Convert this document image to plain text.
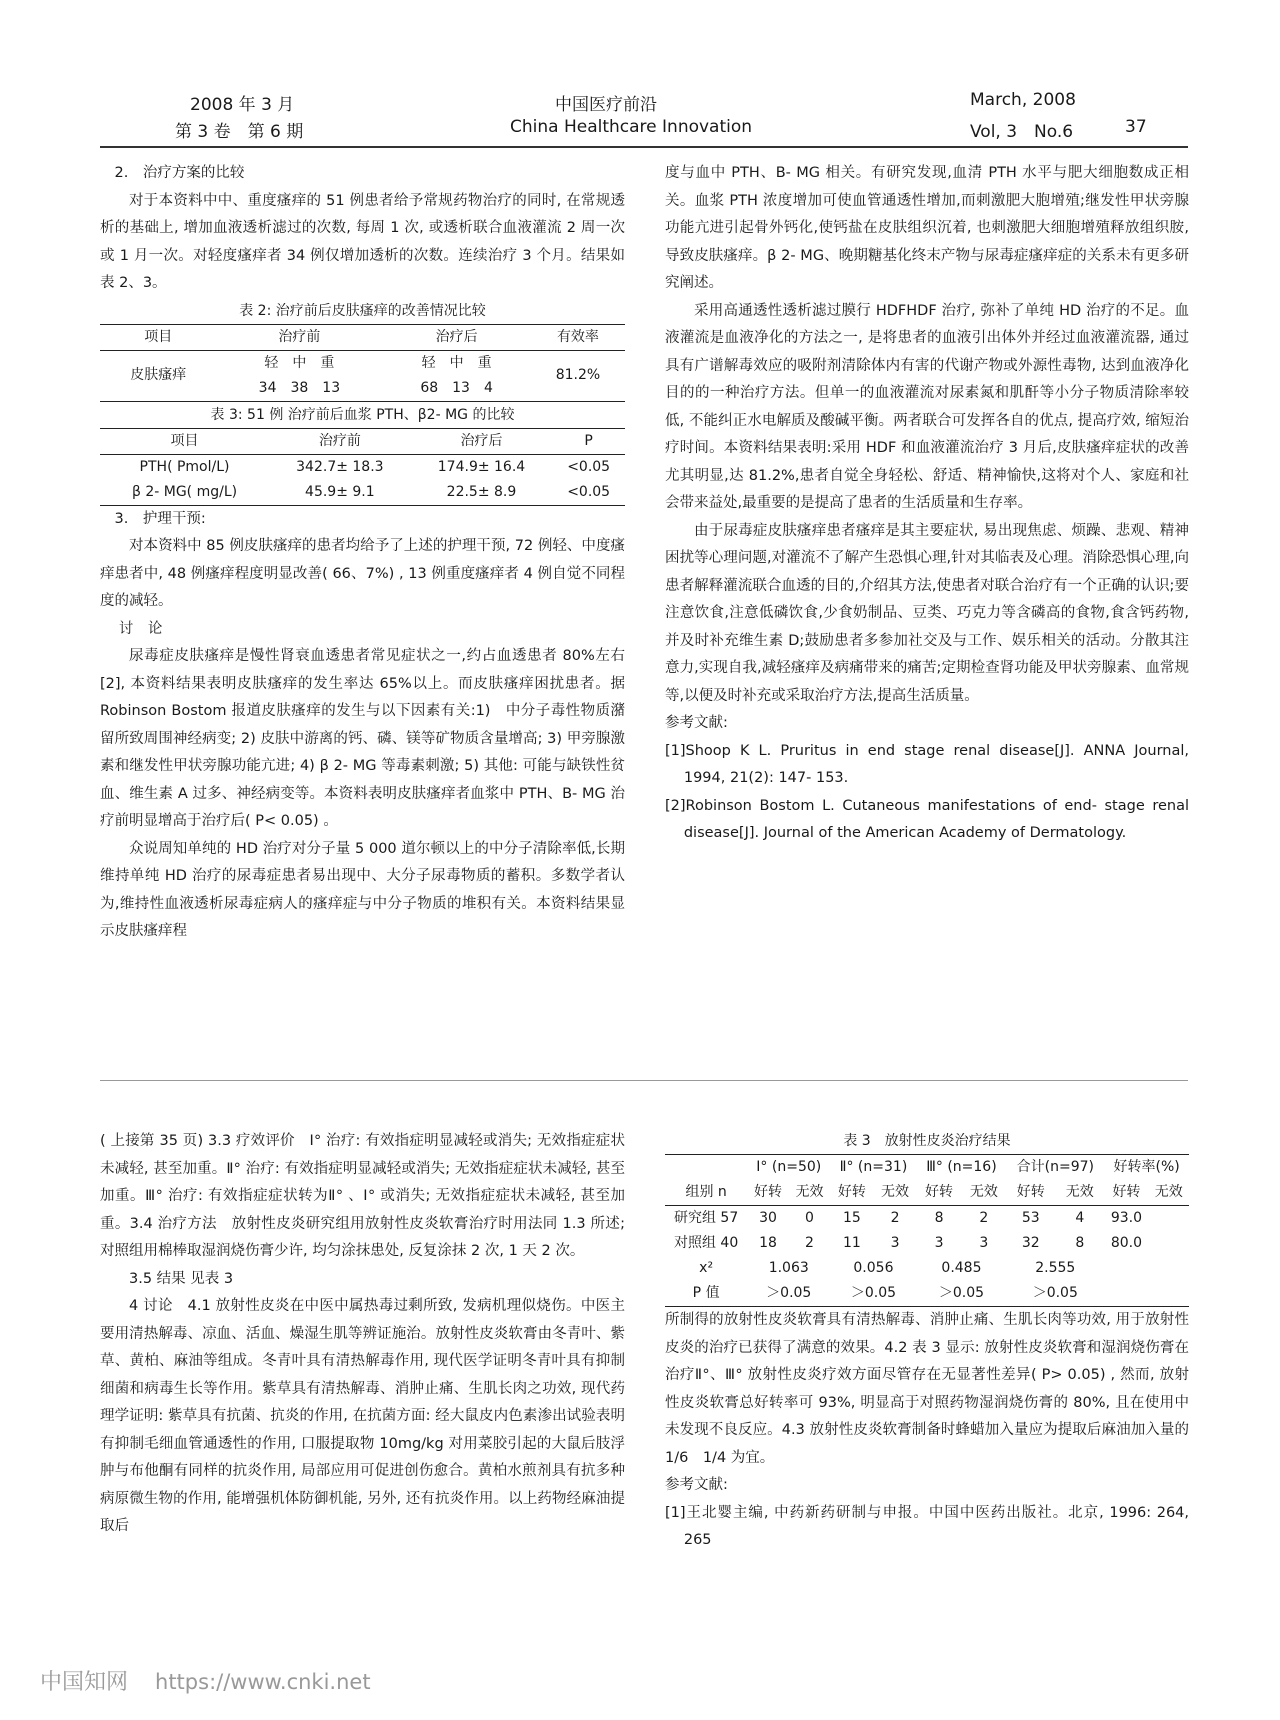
2008 年 3 月
第 3 卷　第 6 期
中国医疗前沿
China Healthcare Innovation
March, 2008
Vol, 3　No.6	37

2.　治疗方案的比较

对于本资料中中、重度瘙痒的 51 例患者给予常规药物治疗的同时, 在常规透析的基础上, 增加血液透析滤过的次数, 每周 1 次, 或透析联合血液灌流 2 周一次或 1 月一次。对轻度瘙痒者 34 例仅增加透析的次数。连续治疗 3 个月。结果如表 2、3。

表 2: 治疗前后皮肤瘙痒的改善情况比较
项目	治疗前	治疗后	有效率
皮肤瘙痒	轻　中　重	轻　中　重	81.2%
	34　38　13	68　13　4	
表 3: 51 例 治疗前后血浆 PTH、β2- MG 的比较
项目	治疗前	治疗后	P
PTH( Pmol/L)	342.7± 18.3	174.9± 16.4	<0.05
β 2- MG( mg/L)	45.9± 9.1	22.5± 8.9	<0.05

3.　护理干预:

对本资料中 85 例皮肤瘙痒的患者均给予了上述的护理干预, 72 例轻、中度瘙痒患者中, 48 例瘙痒程度明显改善( 66、7%) , 13 例重度瘙痒者 4 例自觉不同程度的减轻。

讨　论

尿毒症皮肤瘙痒是慢性肾衰血透患者常见症状之一,约占血透患者 80%左右[2], 本资料结果表明皮肤瘙痒的发生率达 65%以上。而皮肤瘙痒困扰患者。据 Robinson Bostom 报道皮肤瘙痒的发生与以下因素有关:1)　中分子毒性物质潴留所致周围神经病变; 2) 皮肤中游离的钙、磷、镁等矿物质含量增高; 3) 甲旁腺激素和继发性甲状旁腺功能亢进; 4) β 2- MG 等毒素刺激; 5) 其他: 可能与缺铁性贫血、维生素 A 过多、神经病变等。本资料表明皮肤瘙痒者血浆中 PTH、B- MG 治疗前明显增高于治疗后( P< 0.05) 。

众说周知单纯的 HD 治疗对分子量 5 000 道尔顿以上的中分子清除率低,长期维持单纯 HD 治疗的尿毒症患者易出现中、大分子尿毒物质的蓄积。多数学者认为,维持性血液透析尿毒症病人的瘙痒症与中分子物质的堆积有关。本资料结果显示皮肤瘙痒程

度与血中 PTH、B- MG 相关。有研究发现,血清 PTH 水平与肥大细胞数成正相关。血浆 PTH 浓度增加可使血管通透性增加,而刺激肥大胞增殖;继发性甲状旁腺功能亢进引起骨外钙化,使钙盐在皮肤组织沉着, 也刺激肥大细胞增殖释放组织胺, 导致皮肤瘙痒。β 2- MG、晚期糖基化终末产物与尿毒症瘙痒症的关系未有更多研究阐述。

采用高通透性透析滤过膜行 HDFHDF 治疗, 弥补了单纯 HD 治疗的不足。血液灌流是血液净化的方法之一, 是将患者的血液引出体外并经过血液灌流器, 通过具有广谱解毒效应的吸附剂清除体内有害的代谢产物或外源性毒物, 达到血液净化目的的一种治疗方法。但单一的血液灌流对尿素氮和肌酐等小分子物质清除率较低, 不能纠正水电解质及酸碱平衡。两者联合可发挥各自的优点, 提高疗效, 缩短治疗时间。本资料结果表明:采用 HDF 和血液灌流治疗 3 月后,皮肤瘙痒症状的改善尤其明显,达 81.2%,患者自觉全身轻松、舒适、精神愉快,这将对个人、家庭和社会带来益处,最重要的是提高了患者的生活质量和生存率。

由于尿毒症皮肤瘙痒患者瘙痒是其主要症状, 易出现焦虑、烦躁、悲观、精神困扰等心理问题,对灌流不了解产生恐惧心理,针对其临表及心理。消除恐惧心理,向患者解释灌流联合血透的目的,介绍其方法,使患者对联合治疗有一个正确的认识;要注意饮食,注意低磷饮食,少食奶制品、豆类、巧克力等含磷高的食物,食含钙药物,并及时补充维生素 D;鼓励患者多参加社交及与工作、娱乐相关的活动。分散其注意力,实现自我,减轻瘙痒及病痛带来的痛苦;定期检查肾功能及甲状旁腺素、血常规等,以便及时补充或采取治疗方法,提高生活质量。

参考文献:

[1]Shoop K L. Pruritus in end stage renal disease[J]. ANNA Journal, 1994, 21(2): 147- 153.

[2]Robinson Bostom L. Cutaneous manifestations of end- stage renal disease[J]. Journal of the American Academy of Dermatology.

( 上接第 35 页) 3.3 疗效评价　Ⅰ° 治疗: 有效指症明显减轻或消失; 无效指症症状未减轻, 甚至加重。Ⅱ° 治疗: 有效指症明显减轻或消失; 无效指症症状未减轻, 甚至加重。Ⅲ° 治疗: 有效指症症状转为Ⅱ° 、Ⅰ° 或消失; 无效指症症状未减轻, 甚至加重。3.4 治疗方法　放射性皮炎研究组用放射性皮炎软膏治疗时用法同 1.3 所述; 对照组用棉棒取湿润烧伤膏少许, 均匀涂抹患处, 反复涂抹 2 次, 1 天 2 次。

3.5 结果 见表 3

4 讨论　4.1 放射性皮炎在中医中属热毒过剩所致, 发病机理似烧伤。中医主要用清热解毒、凉血、活血、燥湿生肌等辨证施治。放射性皮炎软膏由冬青叶、紫草、黄柏、麻油等组成。冬青叶具有清热解毒作用, 现代医学证明冬青叶具有抑制细菌和病毒生长等作用。紫草具有清热解毒、消肿止痛、生肌长肉之功效, 现代药理学证明: 紫草具有抗菌、抗炎的作用, 在抗菌方面: 经大鼠皮内色素渗出试验表明有抑制毛细血管通透性的作用, 口服提取物 10mg/kg 对用菜胶引起的大鼠后肢浮肿与布他酮有同样的抗炎作用, 局部应用可促进创伤愈合。黄柏水煎剂具有抗多种病原微生物的作用, 能增强机体防御机能, 另外, 还有抗炎作用。以上药物经麻油提取后

表 3　放射性皮炎治疗结果
	Ⅰ° (n=50)		Ⅱ° (n=31)		Ⅲ° (n=16)		合计(n=97)		好转率(%)	
组别 n	好转	无效	好转	无效	好转	无效	好转	无效	好转	无效
研究组 57	30	0	15	2	8	2	53	4	93.0	
对照组 40	18	2	11	3	3	3	32	8	80.0	
x²	1.063		0.056		0.485		2.555			
P 值	＞0.05		＞0.05		＞0.05		＞0.05			

所制得的放射性皮炎软膏具有清热解毒、消肿止痛、生肌长肉等功效, 用于放射性皮炎的治疗已获得了满意的效果。4.2 表 3 显示: 放射性皮炎软膏和湿润烧伤膏在治疗Ⅱ°、Ⅲ° 放射性皮炎疗效方面尽管存在无显著性差异( P> 0.05) , 然而, 放射性皮炎软膏总好转率可 93%, 明显高于对照药物湿润烧伤膏的 80%, 且在使用中未发现不良反应。4.3 放射性皮炎软膏制备时蜂蜡加入量应为提取后麻油加入量的 1/6　1/4 为宜。

参考文献:

[1]王北婴主编, 中药新药研制与申报。中国中医药出版社。北京, 1996: 264, 265

中国知网 https://www.cnki.net
